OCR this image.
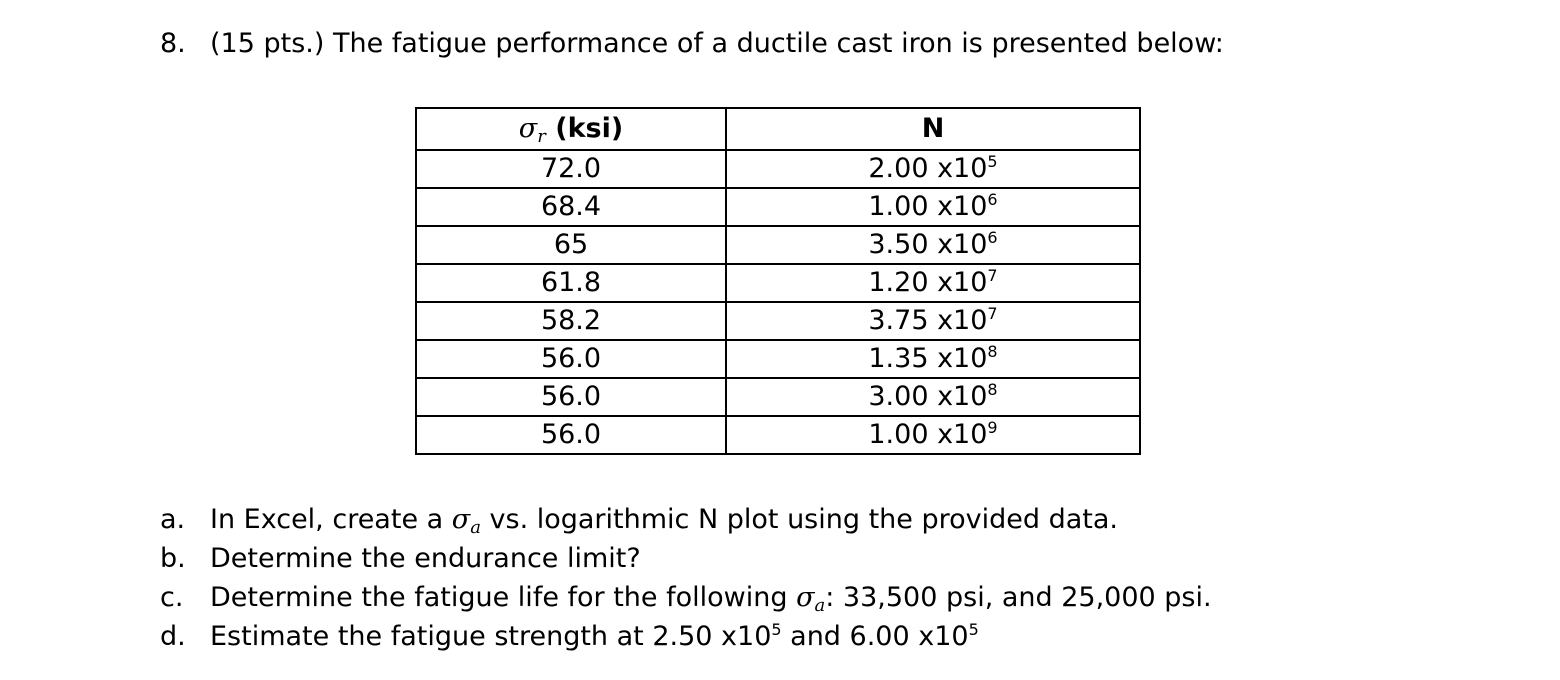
8. (15 pts.) The fatigue performance of a ductile cast iron is presented below:
$\sigma_r$ (ksi)	N
72.0	2.00 $x10^5$
68.4	1.00 $x10^6$
65	3.50 $x10^6$
61.8	1.20 $x10^7$
58.2	3.75 $x10^7$
56.0	1.35 $x10^8$
56.0	3.00 $x10^8$
56.0	1.00 $x10^9$
a. In Excel, create a $\sigma_a$ vs. logarithmic N plot using the provided data.
b. Determine the endurance limit?
c. Determine the fatigue life for the following $\sigma_a$: 33,500 psi, and 25,000 psi.
d. Estimate the fatigue strength at 2.50 $x10^5$ and 6.00 $x10^5$
